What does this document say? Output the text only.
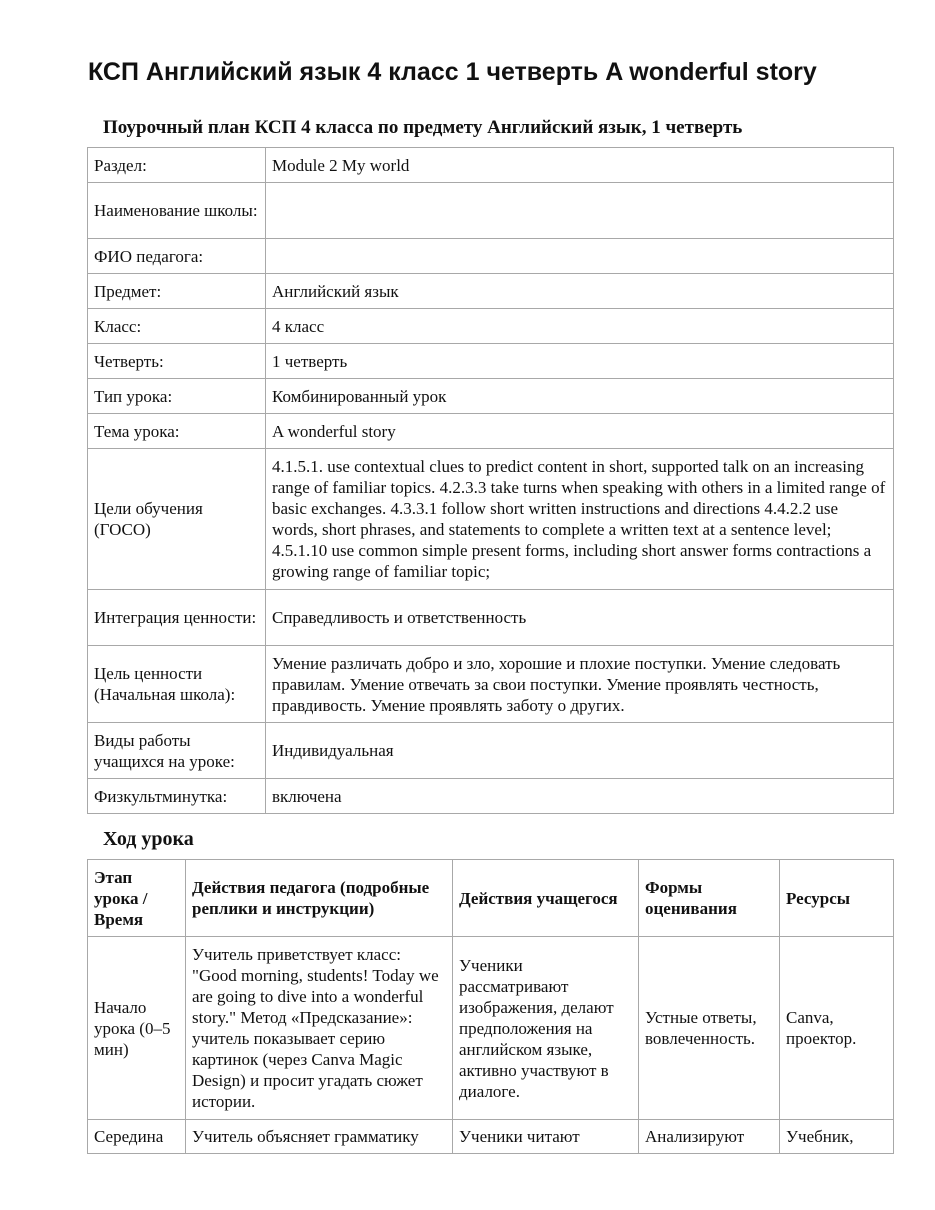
КСП Английский язык 4 класс 1 четверть A wonderful story
Поурочный план КСП 4 класса по предмету Английский язык, 1 четверть
Раздел:	Module 2 My world
Наименование школы:	
ФИО педагога:	
Предмет:	Английский язык
Класс:	4 класс
Четверть:	1 четверть
Тип урока:	Комбинированный урок
Тема урока:	A wonderful story
Цели обучения (ГОСО)	4.1.5.1. use contextual clues to predict content in short, supported talk on an increasing range of familiar topics. 4.2.3.3 take turns when speaking with others in a limited range of basic exchanges. 4.3.3.1 follow short written instructions and directions 4.4.2.2 use words, short phrases, and statements to complete a written text at a sentence level; 4.5.1.10 use common simple present forms, including short answer forms contractions a growing range of familiar topic;
Интеграция ценности:	Справедливость и ответственность
Цель ценности (Начальная школа):	Умение различать добро и зло, хорошие и плохие поступки. Умение следовать правилам. Умение отвечать за свои поступки. Умение проявлять честность, правдивость. Умение проявлять заботу о других.
Виды работы учащихся на уроке:	Индивидуальная
Физкультминутка:	включена
Ход урока
Этап урока / Время	Действия педагога (подробные реплики и инструкции)	Действия учащегося	Формы оценивания	Ресурсы
Начало урока (0–5 мин)	Учитель приветствует класс: "Good morning, students! Today we are going to dive into a wonderful story." Метод «Предсказание»: учитель показывает серию картинок (через Canva Magic Design) и просит угадать сюжет истории.	Ученики рассматривают изображения, делают предположения на английском языке, активно участвуют в диалоге.	Устные ответы, вовлеченность.	Canva, проектор.
Середина	Учитель объясняет грамматику	Ученики читают	Анализируют	Учебник,
